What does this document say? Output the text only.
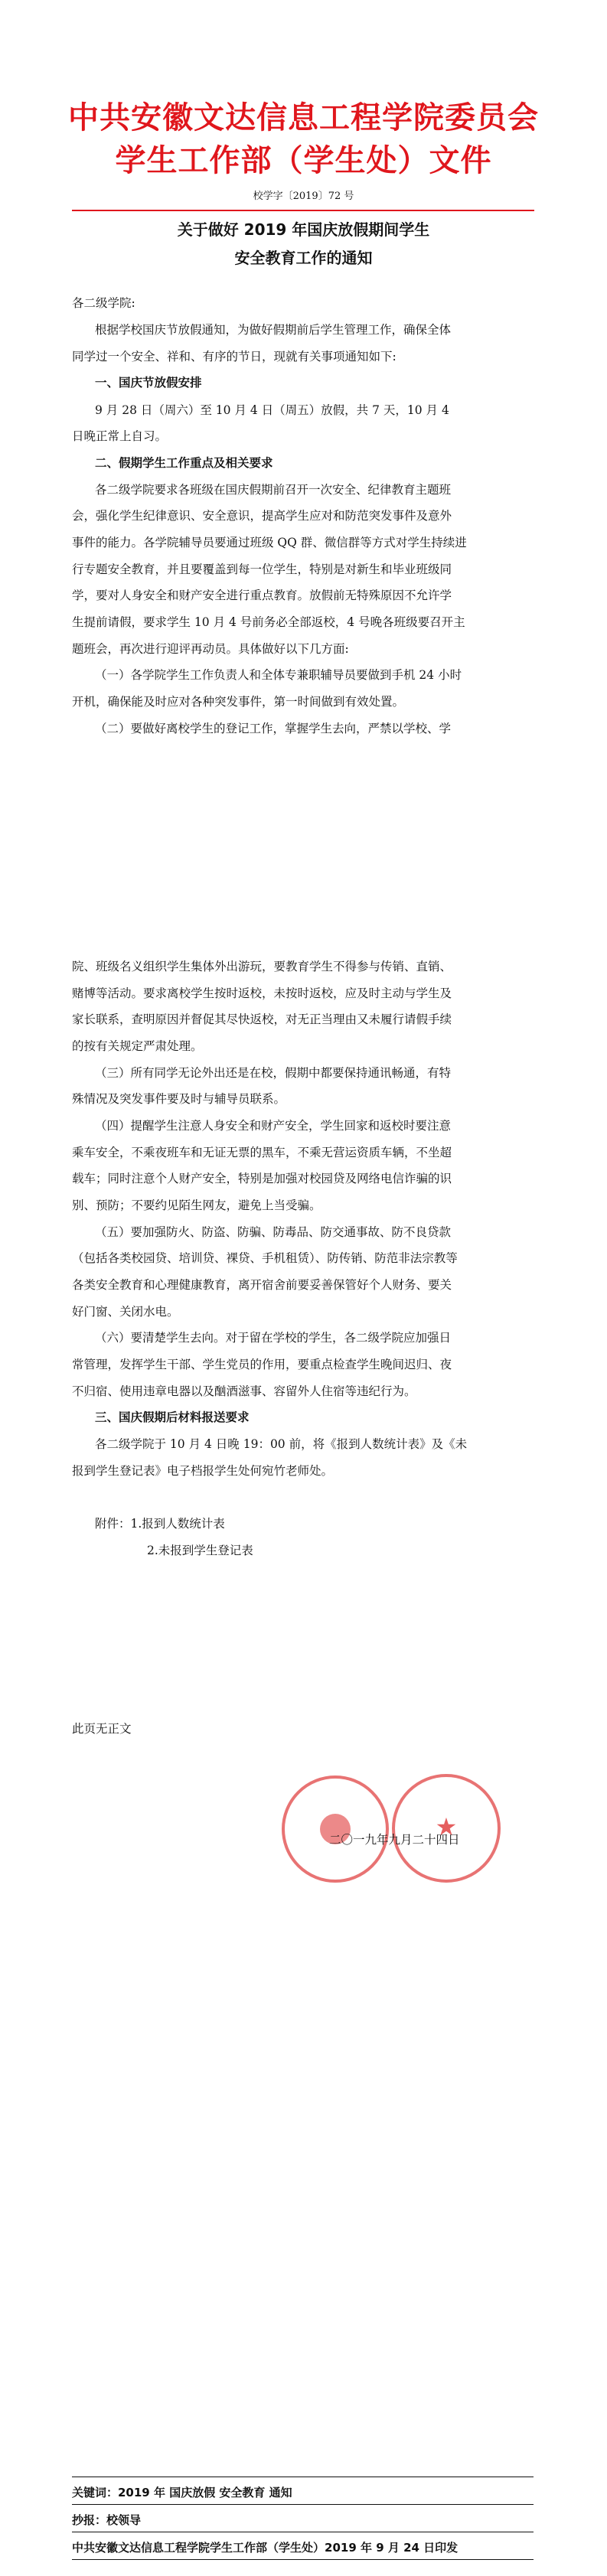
中共安徽文达信息工程学院委员会
学生工作部（学生处）文件
校学字〔2019〕72 号
关于做好 2019 年国庆放假期间学生
安全教育工作的通知
各二级学院:
根据学校国庆节放假通知，为做好假期前后学生管理工作，确保全体
同学过一个安全、祥和、有序的节日，现就有关事项通知如下:
一、国庆节放假安排
9 月 28 日（周六）至 10 月 4 日（周五）放假，共 7 天，10 月 4
日晚正常上自习。
二、假期学生工作重点及相关要求
各二级学院要求各班级在国庆假期前召开一次安全、纪律教育主题班
会，强化学生纪律意识、安全意识，提高学生应对和防范突发事件及意外
事件的能力。各学院辅导员要通过班级 QQ 群、微信群等方式对学生持续进
行专题安全教育，并且要覆盖到每一位学生，特别是对新生和毕业班级同
学，要对人身安全和财产安全进行重点教育。放假前无特殊原因不允许学
生提前请假，要求学生 10 月 4 号前务必全部返校，4 号晚各班级要召开主
题班会，再次进行迎评再动员。具体做好以下几方面:
（一）各学院学生工作负责人和全体专兼职辅导员要做到手机 24 小时
开机，确保能及时应对各种突发事件，第一时间做到有效处置。
（二）要做好离校学生的登记工作，掌握学生去向，严禁以学校、学
院、班级名义组织学生集体外出游玩，要教育学生不得参与传销、直销、
赌博等活动。要求离校学生按时返校，未按时返校，应及时主动与学生及
家长联系，查明原因并督促其尽快返校，对无正当理由又未履行请假手续
的按有关规定严肃处理。
（三）所有同学无论外出还是在校，假期中都要保持通讯畅通，有特
殊情况及突发事件要及时与辅导员联系。
（四）提醒学生注意人身安全和财产安全，学生回家和返校时要注意
乘车安全，不乘夜班车和无证无票的黑车，不乘无营运资质车辆，不坐超
载车；同时注意个人财产安全，特别是加强对校园贷及网络电信诈骗的识
别、预防；不要约见陌生网友，避免上当受骗。
（五）要加强防火、防盗、防骗、防毒品、防交通事故、防不良贷款
（包括各类校园贷、培训贷、裸贷、手机租赁）、防传销、防范非法宗教等
各类安全教育和心理健康教育，离开宿舍前要妥善保管好个人财务、要关
好门窗、关闭水电。
（六）要清楚学生去向。对于留在学校的学生，各二级学院应加强日
常管理，发挥学生干部、学生党员的作用，要重点检查学生晚间迟归、夜
不归宿、使用违章电器以及酗酒滋事、容留外人住宿等违纪行为。
三、国庆假期后材料报送要求
各二级学院于 10 月 4 日晚 19：00 前，将《报到人数统计表》及《未
报到学生登记表》电子档报学生处何宛竹老师处。
附件：1.报到人数统计表
2.未报到学生登记表
此页无正文
★
二〇一九年九月二十四日
关键词：2019 年 国庆放假 安全教育 通知
抄报：校领导
中共安徽文达信息工程学院学生工作部（学生处）2019 年 9 月 24 日印发
